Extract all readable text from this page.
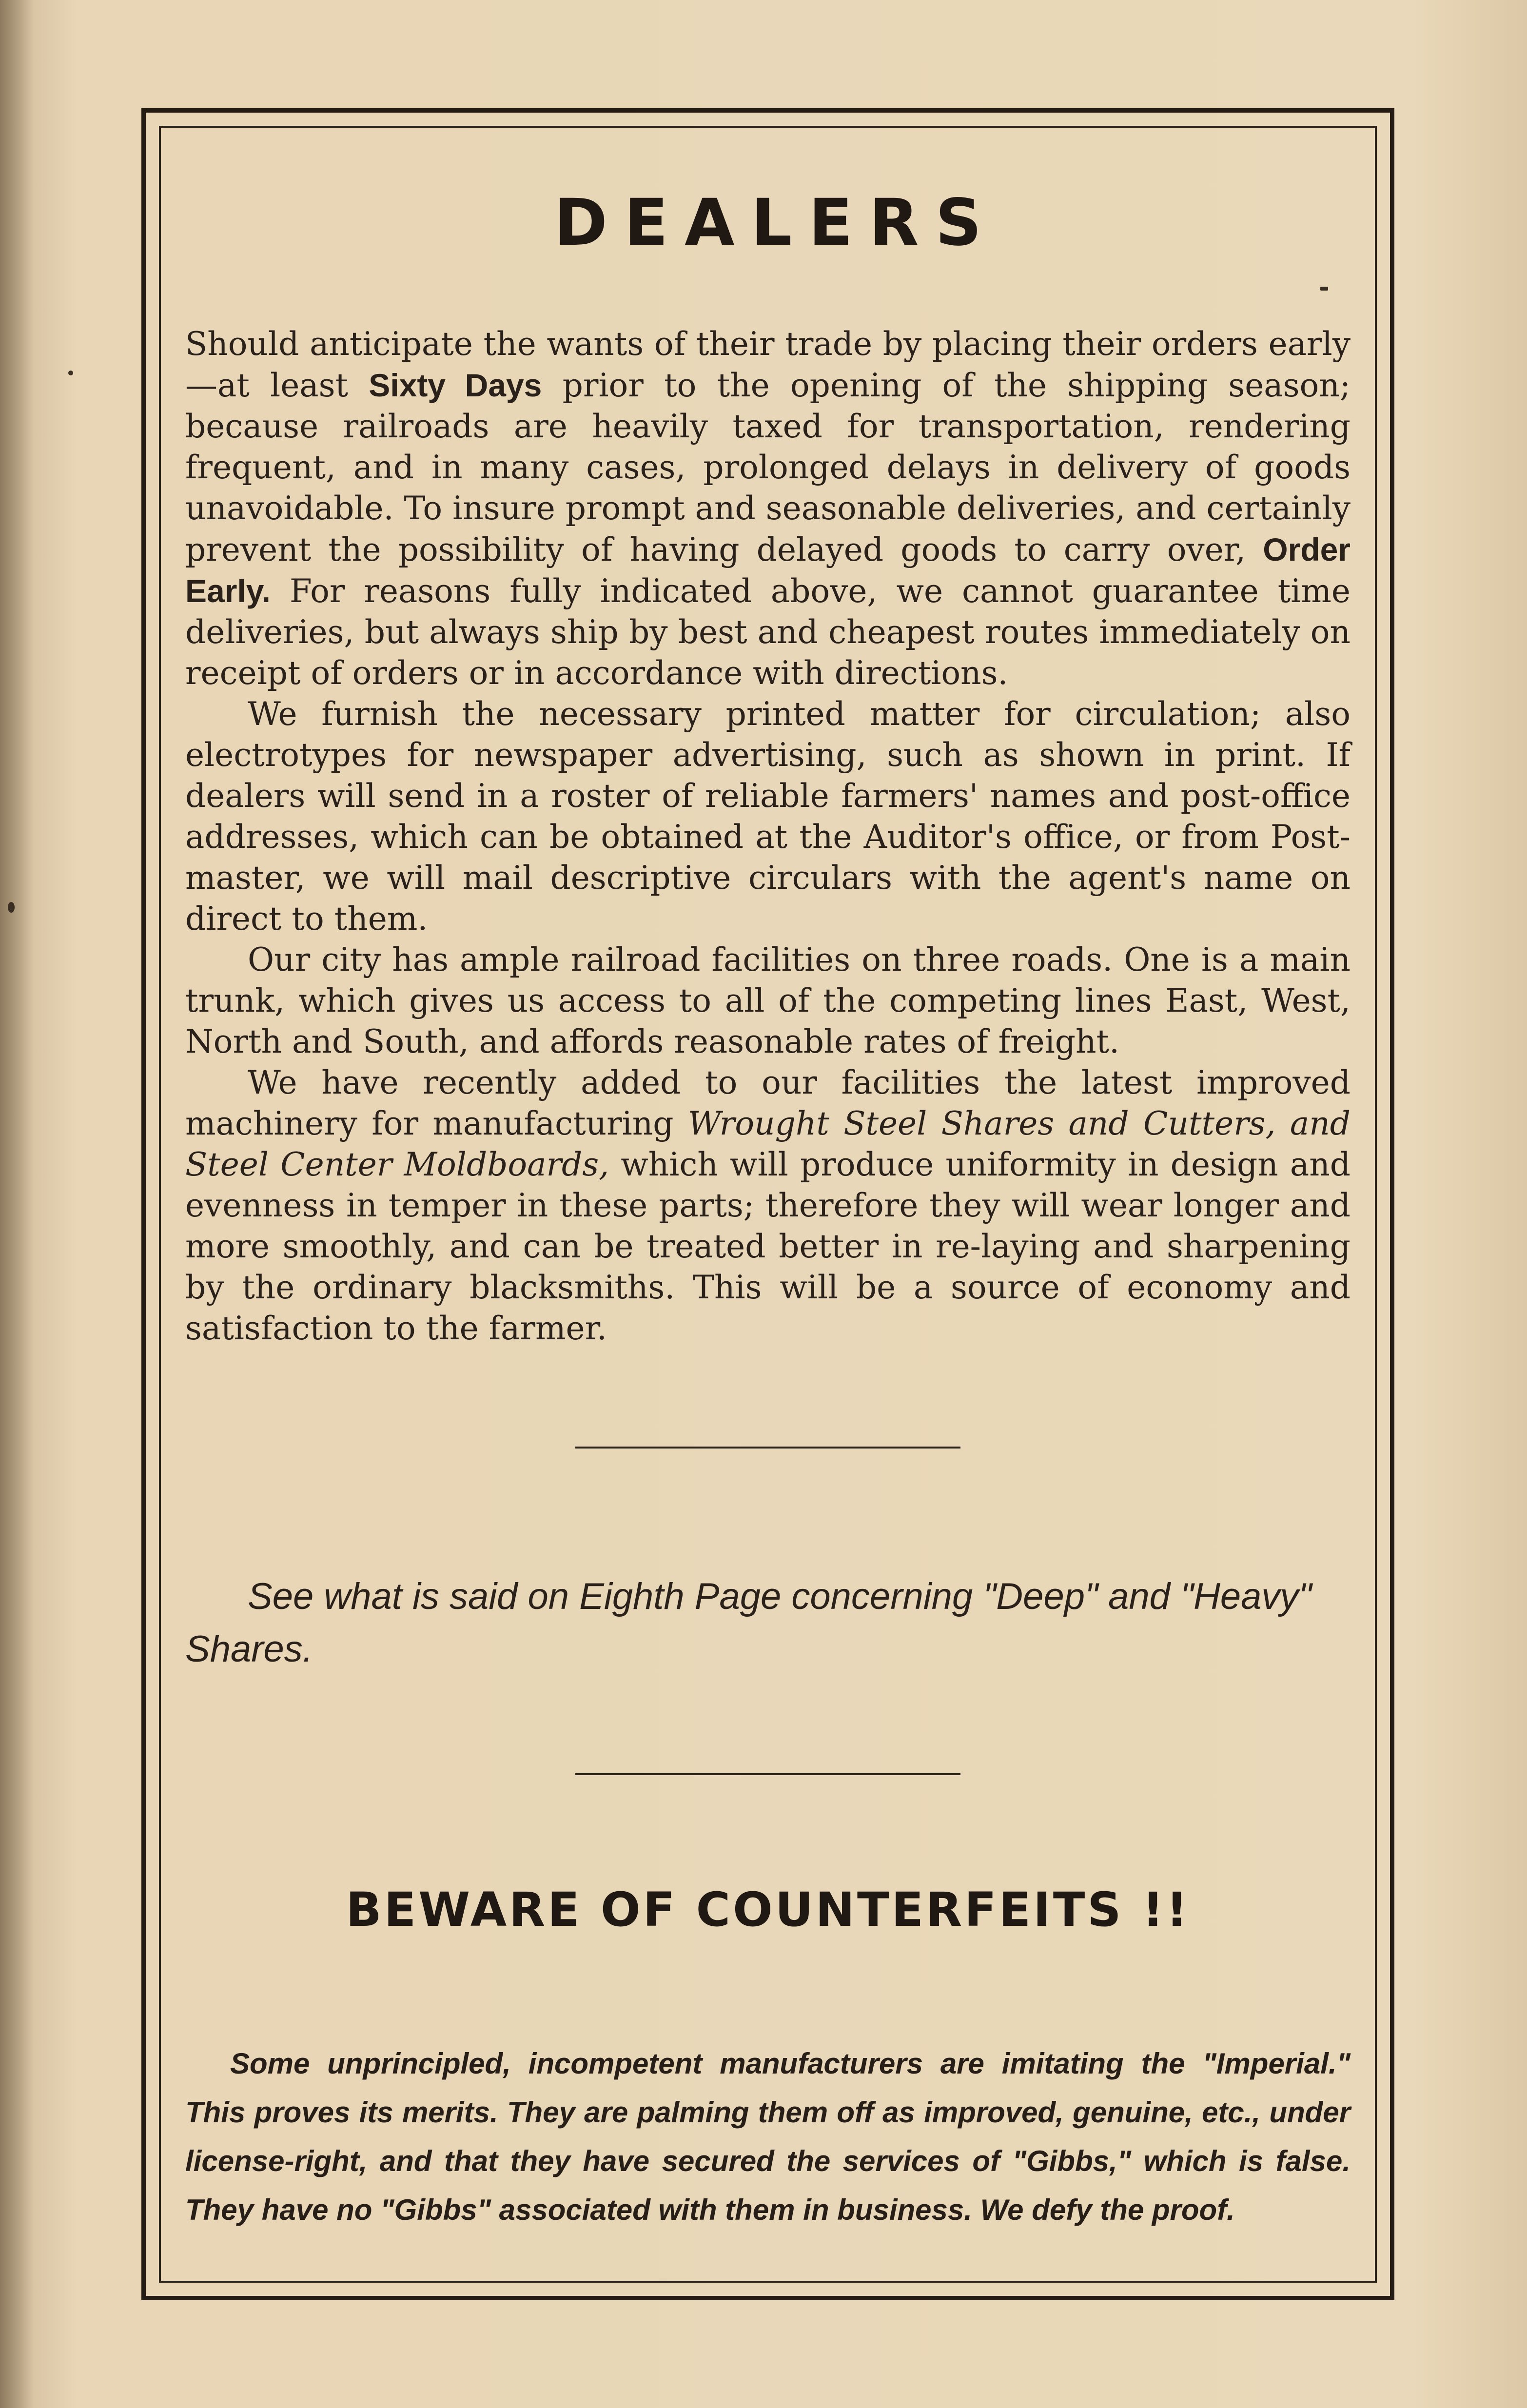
DEALERS

Should anticipate the wants of their trade by placing their orders early —at least Sixty Days prior to the opening of the shipping season; because railroads are heavily taxed for transportation, rendering frequent, and in many cases, prolonged delays in delivery of goods unavoidable. To insure prompt and seasonable deliveries, and certainly prevent the possibility of having delayed goods to carry over, Order Early. For reasons fully indicated above, we cannot guarantee time deliveries, but always ship by best and cheapest routes immediately on receipt of orders or in accordance with directions.

We furnish the necessary printed matter for circulation; also electrotypes for newspaper advertising, such as shown in print. If dealers will send in a roster of reliable farmers' names and post-office addresses, which can be obtained at the Auditor's office, or from Post-master, we will mail descriptive circulars with the agent's name on direct to them.

Our city has ample railroad facilities on three roads. One is a main trunk, which gives us access to all of the competing lines East, West, North and South, and affords reasonable rates of freight.

We have recently added to our facilities the latest improved machinery for manufacturing Wrought Steel Shares and Cutters, and Steel Center Moldboards, which will produce uniformity in design and evenness in temper in these parts; therefore they will wear longer and more smoothly, and can be treated better in re-laying and sharpening by the ordinary blacksmiths. This will be a source of economy and satisfaction to the farmer.

See what is said on Eighth Page concerning "Deep" and "Heavy" Shares.

BEWARE OF COUNTERFEITS !!

Some unprincipled, incompetent manufacturers are imitating the "Imperial." This proves its merits. They are palming them off as improved, genuine, etc., under license-right, and that they have secured the services of "Gibbs," which is false. They have no "Gibbs" associated with them in business. We defy the proof.
